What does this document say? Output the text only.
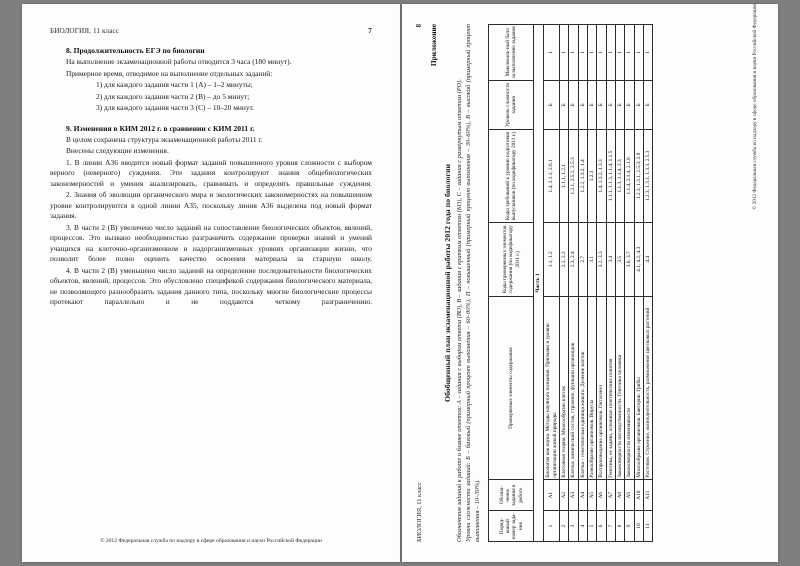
БИОЛОГИЯ, 11 класс	7
8. Продолжительность ЕГЭ по биологии

На выполнение экзаменационной работы отводится 3 часа (180 минут).

Примерное время, отводимое на выполнение отдельных заданий:

1) для каждого задания части 1 (А) – 1–2 минуты;

2) для каждого задания части 2 (В) – до 5 минут;

3) для каждого задания части 3 (С) – 10–20 минут.

9. Изменения в КИМ 2012 г. в сравнении с КИМ 2011 г.

В целом сохранена структура экзаменационной работы 2011 г.

Внесены следующие изменения.

1. В линии А36 вводится новый формат заданий повышенного уровня сложности с выбором верного (неверного) суждения. Эти задания контролируют знания общебиологических закономерностей и умения анализировать, сравнивать и определять правильные суждения.

2. Знания об эволюции органического мира и экологических закономерностях на повышенном уровне контролируются в одной линии А35, поскольку линия А36 выделена под новый формат задания.

3. В части 2 (В) увеличено число заданий на сопоставление биологических объектов, явлений, процессов. Это вызвано необходимостью разграничить содержание проверки знаний и умений учащихся на клеточно-организменном и надорганизменных уровнях организации жизни, что позволит более полно оценить качество освоения материала за старшую школу.

4. В части 2 (В) уменьшено число заданий на определение последовательности биологических объектов, явлений, процессов. Это обусловлено спецификой содержания биологического материала, не позволяющего разнообразить задания данного типа, поскольку многие биологические процессы протекают параллельно и не поддаются четкому разграничению.

© 2012 Федеральная служба по надзору в сфере образования и науки Российской Федерации	БИОЛОГИЯ, 11 класс
8 Приложение
Обобщенный план экзаменационной работы 2012 года по биологии Обозначения заданий в работе и бланке ответов: А – задания с выбором ответа (ВО), В – задания с кратким ответом (КО), С – задания с развернутым ответом (РО). Уровни сложности заданий: Б – базовый (примерный процент выполнения – 60–90%), П – повышенный (примерный процент выполнения – 30–60%), В – высокий (примерный процент выполнения – 10–30%).	Поряд-ковый номер зада-ния	Обозна-чение задания в работе	Проверяемые элементы содержания	Коды проверяемых элементов содержания (по кодификатору 2011 г.)	Коды требований к уровню подготовки выпускников (по кодификатору 2011 г.)	Уровень сложности задания	Максималь-ный балл за выполнение задания
Часть 1						
1	А1	Биология как наука. Методы научного познания. Признаки и уровни организации живой природы	1.1, 1.2	1.4, 2.1.1, 2.6.1	Б	1
2	А2	Клеточная теория. Многообразие клеток	2.1, 2.2	1.1.1, 1.2.1	Б	1
3	А3	Клетка: химический состав, строение, функции органоидов	2.3, 2.4	1.2.1, 2.5.1, 2.5.3	Б	1
4	А4	Клетка – генетическая единица живого. Деление клеток	2.7	1.2.2, 1.3.2, 1.4	Б	1
5	А5	Разнообразие организмов. Вирусы	3.1	1.2.3	Б	1
6	А6	Воспроизведение организмов. Онтогенез	3.2, 3.3	1.4, 1.3.2, 1.3.3	Б	1
7	А7	Генетика, ее задачи, основные генетические понятия	3.4	1.1.1, 1.1.3, 1.1.4, 1.1.5	Б	1
8	А8	Закономерности наследственности. Генетика человека	3.5	1.1.3, 1.1.4, 2.3	Б	1
9	А9	Закономерности изменчивости	3.6, 3.7	1.1.4, 2.1.4, 2.1.8	Б	1
10	А10	Многообразие организмов. Бактерии. Грибы	4.1, 4.2, 4.3	1.2.3, 1.3.1, 2.5.3, 2.8	Б	1
11	А11	Растения. Строение, жизнедеятельность, размножение цветковых растений	4.4	1.2.3, 1.3.1, 1.3.3, 2.5.3	Б	1	© 2012 Федеральная служба по надзору в сфере образования и науки Российской Федерации
